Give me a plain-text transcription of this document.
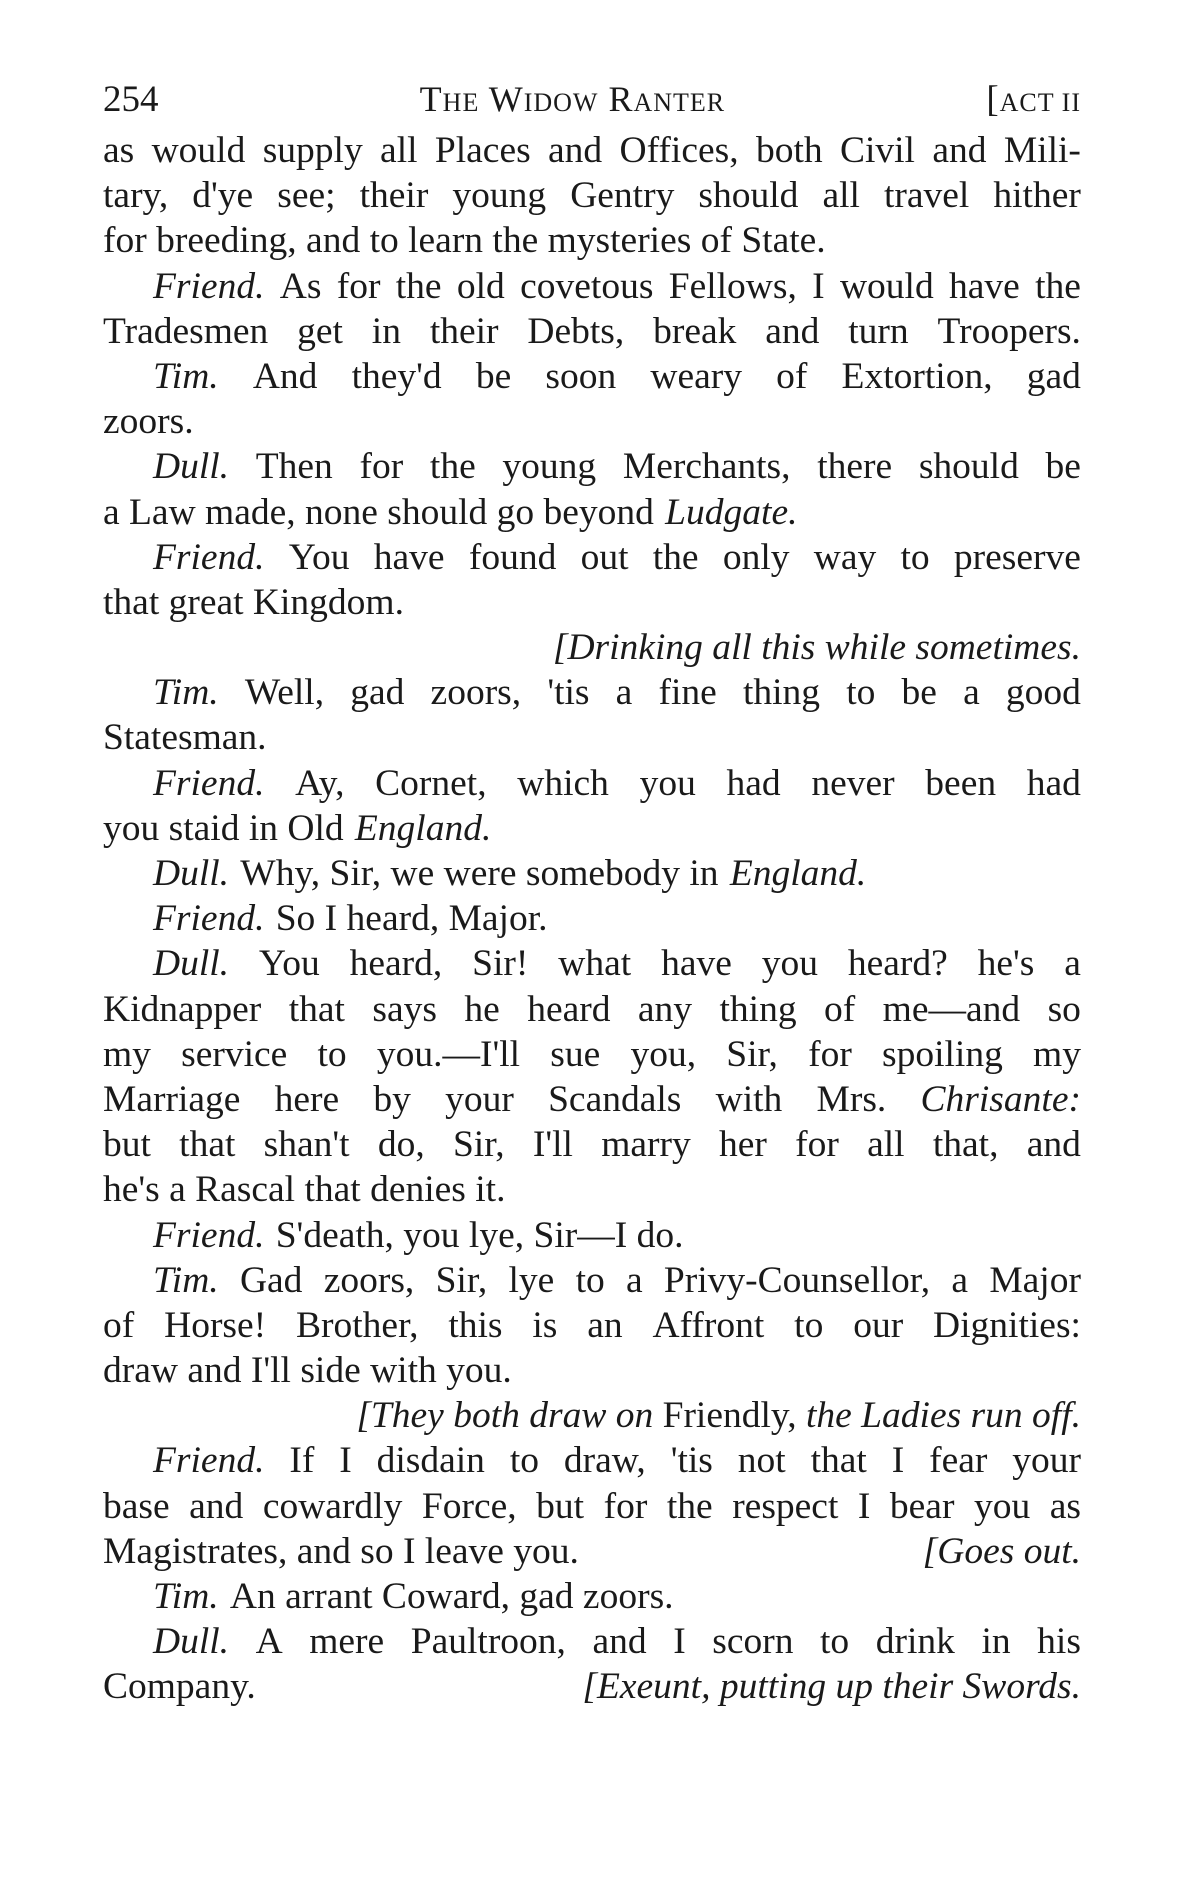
254	THE WIDOW RANTER	[ACT II
as would supply all Places and Offices, both Civil and Mili-
tary, d'ye see; their young Gentry should all travel hither
for breeding, and to learn the mysteries of State.
Friend. As for the old covetous Fellows, I would have the
Tradesmen get in their Debts, break and turn Troopers.
Tim. And they'd be soon weary of Extortion, gad
zoors.
Dull. Then for the young Merchants, there should be
a Law made, none should go beyond Ludgate.
Friend. You have found out the only way to preserve
that great Kingdom.
[Drinking all this while sometimes.
Tim. Well, gad zoors, 'tis a fine thing to be a good
Statesman.
Friend. Ay, Cornet, which you had never been had
you staid in Old England.
Dull. Why, Sir, we were somebody in England.
Friend. So I heard, Major.
Dull. You heard, Sir! what have you heard? he's a
Kidnapper that says he heard any thing of me—and so
my service to you.—I'll sue you, Sir, for spoiling my
Marriage here by your Scandals with Mrs. Chrisante:
but that shan't do, Sir, I'll marry her for all that, and
he's a Rascal that denies it.
Friend. S'death, you lye, Sir—I do.
Tim. Gad zoors, Sir, lye to a Privy-Counsellor, a Major
of Horse! Brother, this is an Affront to our Dignities:
draw and I'll side with you.
[They both draw on
Friendly,
the Ladies run off.
Friend. If I disdain to draw, 'tis not that I fear your
base and cowardly Force, but for the respect I bear you as
Magistrates, and so I leave you.	[Goes out.
Tim. An arrant Coward, gad zoors.
Dull. A mere Paultroon, and I scorn to drink in his
Company.	[Exeunt, putting up their Swords.
